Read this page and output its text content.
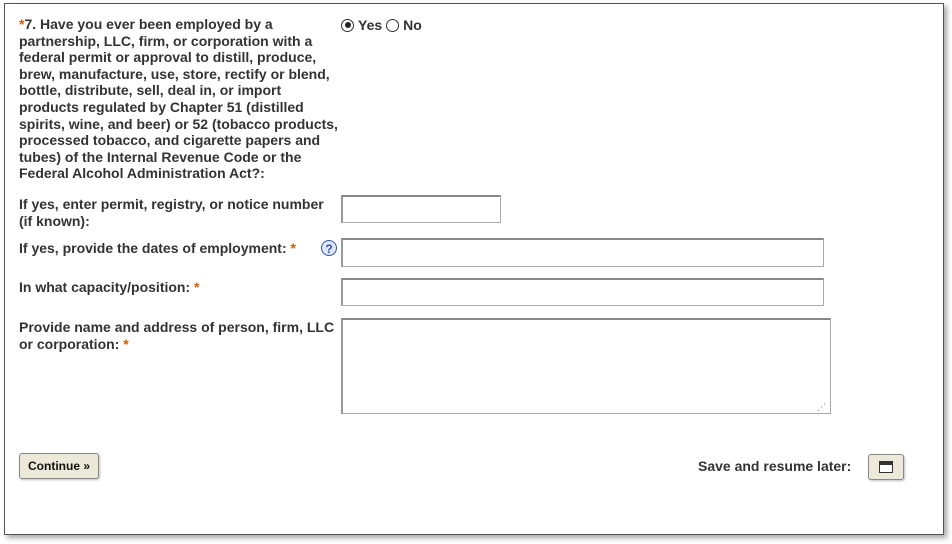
*7. Have you ever been employed by a partnership, LLC, firm, or corporation with a federal permit or approval to distill, produce, brew, manufacture, use, store, rectify or blend, bottle, distribute, sell, deal in, or import products regulated by Chapter 51 (distilled spirits, wine, and beer) or 52 (tobacco products, processed tobacco, and cigarette papers and tubes) of the Internal Revenue Code or the Federal Alcohol Administration Act?:
Yes No
If yes, enter permit, registry, or notice number (if known):
If yes, provide the dates of employment: *	?
In what capacity/position: *
Provide name and address of person, firm, LLC or corporation: *
⋰
Continue »	Save and resume later:
